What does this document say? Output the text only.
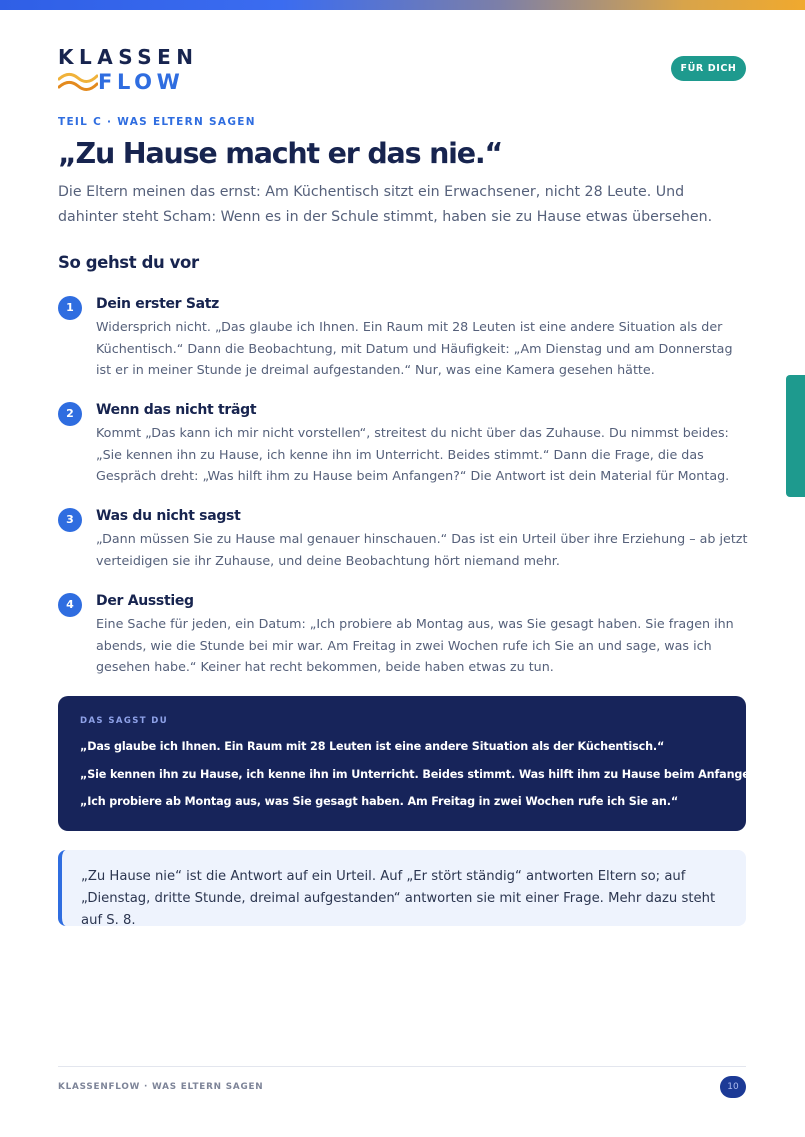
KLASSEN
FLOW
FÜR DICH
TEIL C · WAS ELTERN SAGEN
„Zu Hause macht er das nie.“

Die Eltern meinen das ernst: Am Küchentisch sitzt ein Erwachsener, nicht 28 Leute. Und dahinter steht Scham: Wenn es in der Schule stimmt, haben sie zu Hause etwas übersehen.

So gehst du vor
1	Dein erster Satz
Widersprich nicht. „Das glaube ich Ihnen. Ein Raum mit 28 Leuten ist eine andere Situation als der Küchentisch.“ Dann die Beobachtung, mit Datum und Häufigkeit: „Am Dienstag und am Donnerstag ist er in meiner Stunde je dreimal aufgestanden.“ Nur, was eine Kamera gesehen hätte.
2	Wenn das nicht trägt
Kommt „Das kann ich mir nicht vorstellen“, streitest du nicht über das Zuhause. Du nimmst beides: „Sie kennen ihn zu Hause, ich kenne ihn im Unterricht. Beides stimmt.“ Dann die Frage, die das Gespräch dreht: „Was hilft ihm zu Hause beim Anfangen?“ Die Antwort ist dein Material für Montag.
3	Was du nicht sagst
„Dann müssen Sie zu Hause mal genauer hinschauen.“ Das ist ein Urteil über ihre Erziehung – ab jetzt verteidigen sie ihr Zuhause, und deine Beobachtung hört niemand mehr.
4	Der Ausstieg
Eine Sache für jeden, ein Datum: „Ich probiere ab Montag aus, was Sie gesagt haben. Sie fragen ihn abends, wie die Stunde bei mir war. Am Freitag in zwei Wochen rufe ich Sie an und sage, was ich gesehen habe.“ Keiner hat recht bekommen, beide haben etwas zu tun.
DAS SAGST DU
„Das glaube ich Ihnen. Ein Raum mit 28 Leuten ist eine andere Situation als der Küchentisch.“
„Sie kennen ihn zu Hause, ich kenne ihn im Unterricht. Beides stimmt. Was hilft ihm zu Hause beim Anfangen?“
„Ich probiere ab Montag aus, was Sie gesagt haben. Am Freitag in zwei Wochen rufe ich Sie an.“
„Zu Hause nie“ ist die Antwort auf ein Urteil. Auf „Er stört ständig“ antworten Eltern so; auf „Dienstag, dritte Stunde, dreimal aufgestanden“ antworten sie mit einer Frage. Mehr dazu steht auf S. 8.
KLASSENFLOW · WAS ELTERN SAGEN	10
